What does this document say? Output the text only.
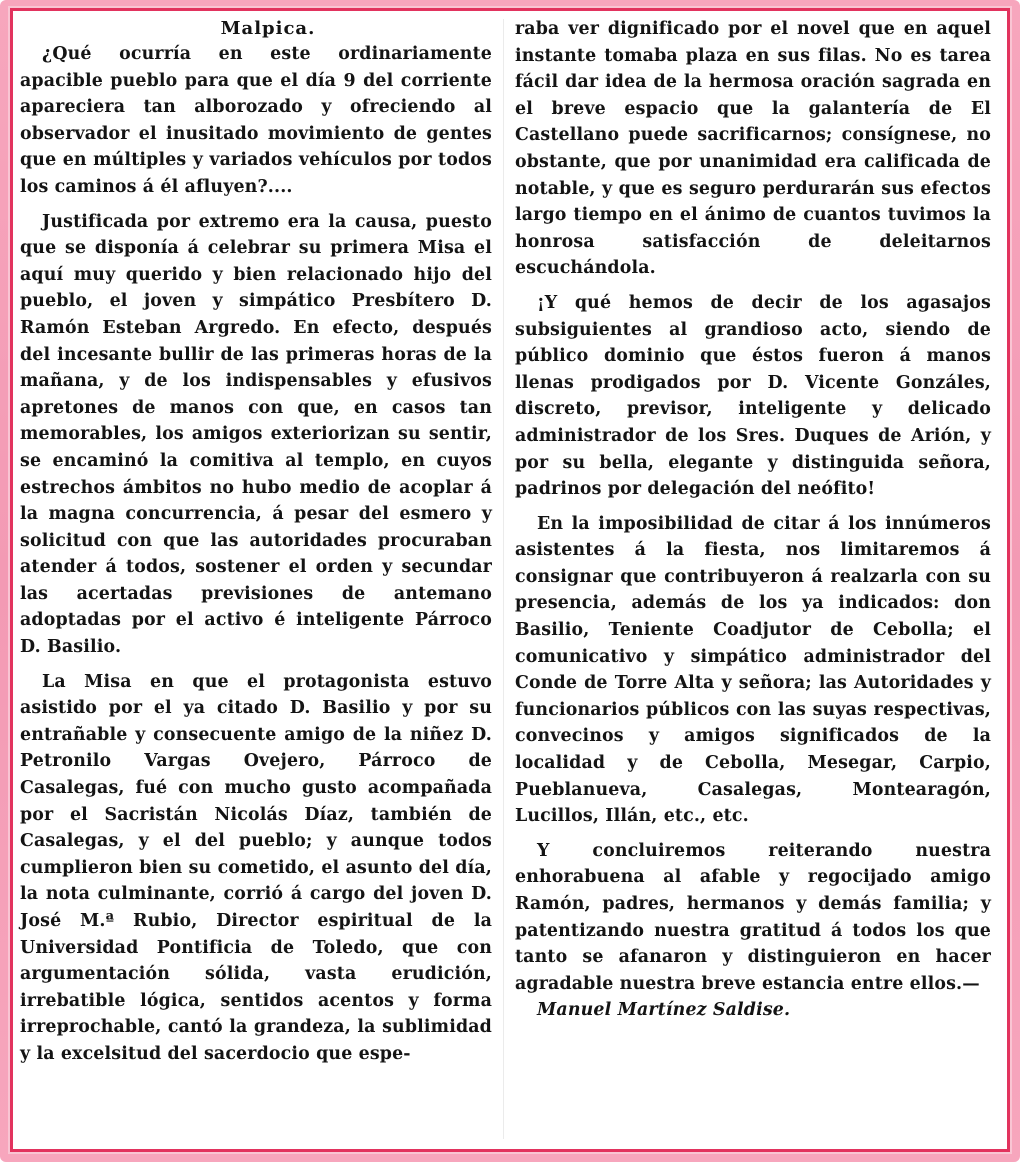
Malpica.

¿Qué ocurría en este ordinariamente apacible pueblo para que el día 9 del corriente apareciera tan alborozado y ofreciendo al observador el inusitado movimiento de gentes que en múltiples y variados vehículos por todos los caminos á él afluyen?....

Justificada por extremo era la causa, puesto que se disponía á celebrar su primera Misa el aquí muy querido y bien relacionado hijo del pueblo, el joven y simpático Presbítero D. Ramón Esteban Argredo. En efecto, después del incesante bullir de las primeras horas de la mañana, y de los indispensables y efusivos apretones de manos con que, en casos tan memorables, los amigos exteriorizan su sentir, se encaminó la comitiva al templo, en cuyos estrechos ámbitos no hubo medio de acoplar á la magna concurrencia, á pesar del esmero y solicitud con que las autoridades procuraban atender á todos, sostener el orden y secundar las acertadas previsiones de antemano adoptadas por el activo é inteligente Párroco D. Basilio.

La Misa en que el protagonista estuvo asistido por el ya citado D. Basilio y por su entrañable y consecuente amigo de la niñez D. Petronilo Vargas Ovejero, Párroco de Casalegas, fué con mucho gusto acompañada por el Sacristán Nicolás Díaz, también de Casalegas, y el del pueblo; y aunque todos cumplieron bien su cometido, el asunto del día, la nota culminante, corrió á cargo del joven D. José M.ª Rubio, Director espiritual de la Universidad Pontificia de Toledo, que con argumentación sólida, vasta erudición, irrebatible lógica, sentidos acentos y forma irreprochable, cantó la grandeza, la sublimidad y la excelsitud del sacerdocio que espe-

raba ver dignificado por el novel que en aquel instante tomaba plaza en sus filas. No es tarea fácil dar idea de la hermosa oración sagrada en el breve espacio que la galantería de El Castellano puede sacrificarnos; consígnese, no obstante, que por unanimidad era calificada de notable, y que es seguro perdurarán sus efectos largo tiempo en el ánimo de cuantos tuvimos la honrosa satisfacción de deleitarnos escuchándola.

¡Y qué hemos de decir de los agasajos subsiguientes al grandioso acto, siendo de público dominio que éstos fueron á manos llenas prodigados por D. Vicente Gonzáles, discreto, previsor, inteligente y delicado administrador de los Sres. Duques de Arión, y por su bella, elegante y distinguida señora, padrinos por delegación del neófito!

En la imposibilidad de citar á los innúmeros asistentes á la fiesta, nos limitaremos á consignar que contribuyeron á realzarla con su presencia, además de los ya indicados: don Basilio, Teniente Coadjutor de Cebolla; el comunicativo y simpático administrador del Conde de Torre Alta y señora; las Autoridades y funcionarios públicos con las suyas respectivas, convecinos y amigos significados de la localidad y de Cebolla, Mesegar, Carpio, Pueblanueva, Casalegas, Montearagón, Lucillos, Illán, etc., etc.

Y concluiremos reiterando nuestra enhorabuena al afable y regocijado amigo Ramón, padres, hermanos y demás familia; y patentizando nuestra gratitud á todos los que tanto se afanaron y distinguieron en hacer agradable nuestra breve estancia entre ellos.—

Manuel Martínez Saldise.
